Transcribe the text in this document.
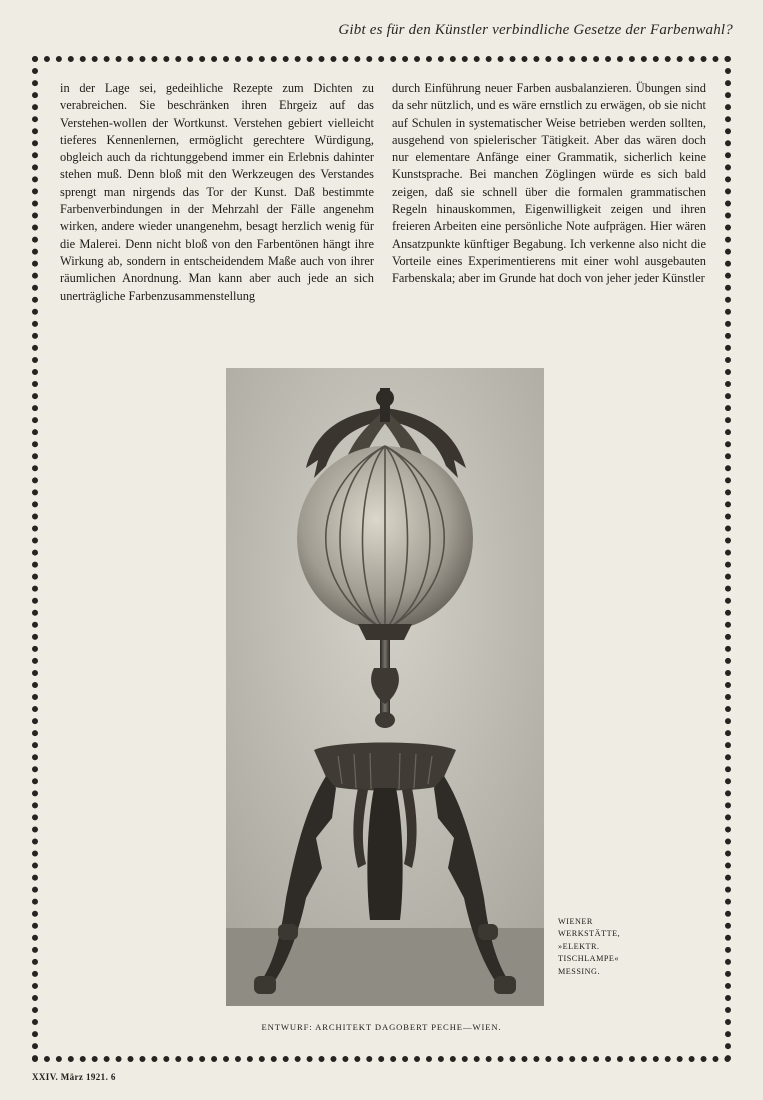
Gibt es für den Künstler verbindliche Gesetze der Farbenwahl?

in der Lage sei, gedeihliche Rezepte zum Dichten zu verabreichen. Sie beschränken ihren Ehrgeiz auf das Verstehen-wollen der Wortkunst. Verstehen gebiert vielleicht tieferes Kennenlernen, ermöglicht gerechtere Würdigung, obgleich auch da richtunggebend immer ein Erlebnis dahinter stehen muß. Denn bloß mit den Werkzeugen des Verstandes sprengt man nirgends das Tor der Kunst. Daß bestimmte Farbenverbindungen in der Mehrzahl der Fälle angenehm wirken, andere wieder unangenehm, besagt herzlich wenig für die Malerei. Denn nicht bloß von den Farbentönen hängt ihre Wirkung ab, sondern in entscheidendem Maße auch von ihrer räumlichen Anordnung. Man kann aber auch jede an sich unerträgliche Farbenzusammenstellung

durch Einführung neuer Farben ausbalanzieren. Übungen sind da sehr nützlich, und es wäre ernstlich zu erwägen, ob sie nicht auf Schulen in systematischer Weise betrieben werden sollten, ausgehend von spielerischer Tätigkeit. Aber das wären doch nur elementare Anfänge einer Grammatik, sicherlich keine Kunstsprache. Bei manchen Zöglingen würde es sich bald zeigen, daß sie schnell über die formalen grammatischen Regeln hinauskommen, Eigenwilligkeit zeigen und ihren freieren Arbeiten eine persönliche Note aufprägen. Hier wären Ansatzpunkte künftiger Begabung. Ich verkenne also nicht die Vorteile eines Experimentierens mit einer wohl ausgebauten Farbenskala; aber im Grunde hat doch von jeher jeder Künstler

WIENER
WERKSTÄTTE,
»ELEKTR.
TISCHLAMPE«
MESSING.
ENTWURF: ARCHITEKT DAGOBERT PECHE—WIEN.
XXIV. März 1921. 6
